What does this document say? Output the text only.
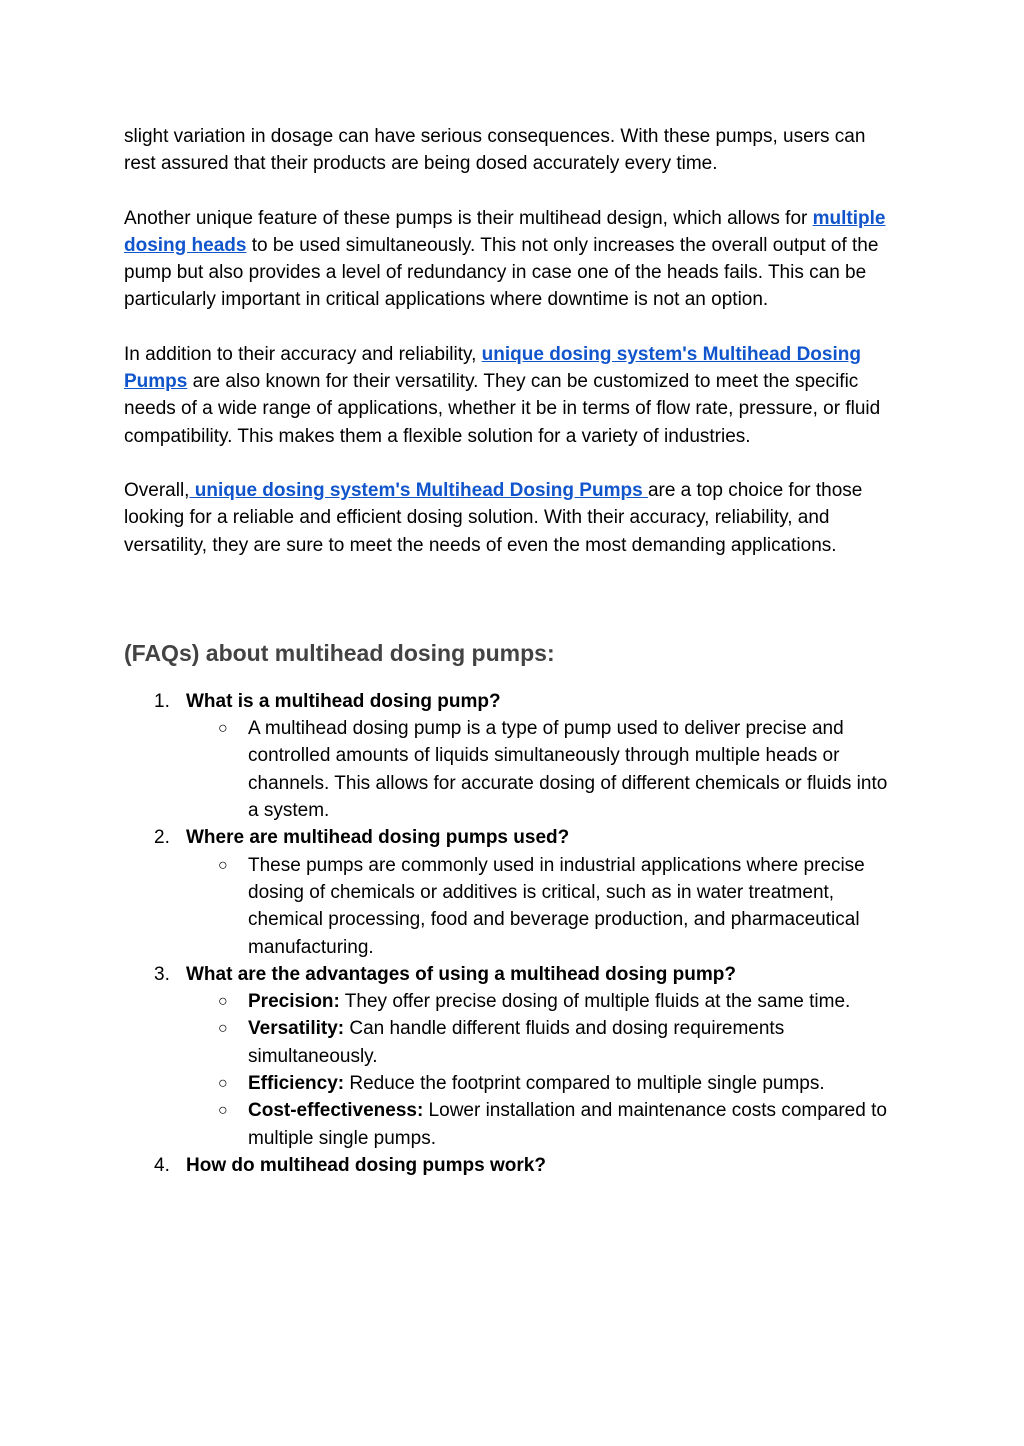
slight variation in dosage can have serious consequences. With these pumps, users can rest assured that their products are being dosed accurately every time.

Another unique feature of these pumps is their multihead design, which allows for multiple dosing heads to be used simultaneously. This not only increases the overall output of the pump but also provides a level of redundancy in case one of the heads fails. This can be particularly important in critical applications where downtime is not an option.

In addition to their accuracy and reliability, unique dosing system's Multihead Dosing Pumps are also known for their versatility. They can be customized to meet the specific needs of a wide range of applications, whether it be in terms of flow rate, pressure, or fluid compatibility. This makes them a flexible solution for a variety of industries.

Overall, unique dosing system's Multihead Dosing Pumps are a top choice for those looking for a reliable and efficient dosing solution. With their accuracy, reliability, and versatility, they are sure to meet the needs of even the most demanding applications.

(FAQs) about multihead dosing pumps:
1. What is a multihead dosing pump?
○ A multihead dosing pump is a type of pump used to deliver precise and controlled amounts of liquids simultaneously through multiple heads or channels. This allows for accurate dosing of different chemicals or fluids into a system.
2. Where are multihead dosing pumps used?
○ These pumps are commonly used in industrial applications where precise dosing of chemicals or additives is critical, such as in water treatment, chemical processing, food and beverage production, and pharmaceutical manufacturing.
3. What are the advantages of using a multihead dosing pump?
○ Precision: They offer precise dosing of multiple fluids at the same time.
○ Versatility: Can handle different fluids and dosing requirements simultaneously.
○ Efficiency: Reduce the footprint compared to multiple single pumps.
○ Cost-effectiveness: Lower installation and maintenance costs compared to multiple single pumps.
4. How do multihead dosing pumps work?
